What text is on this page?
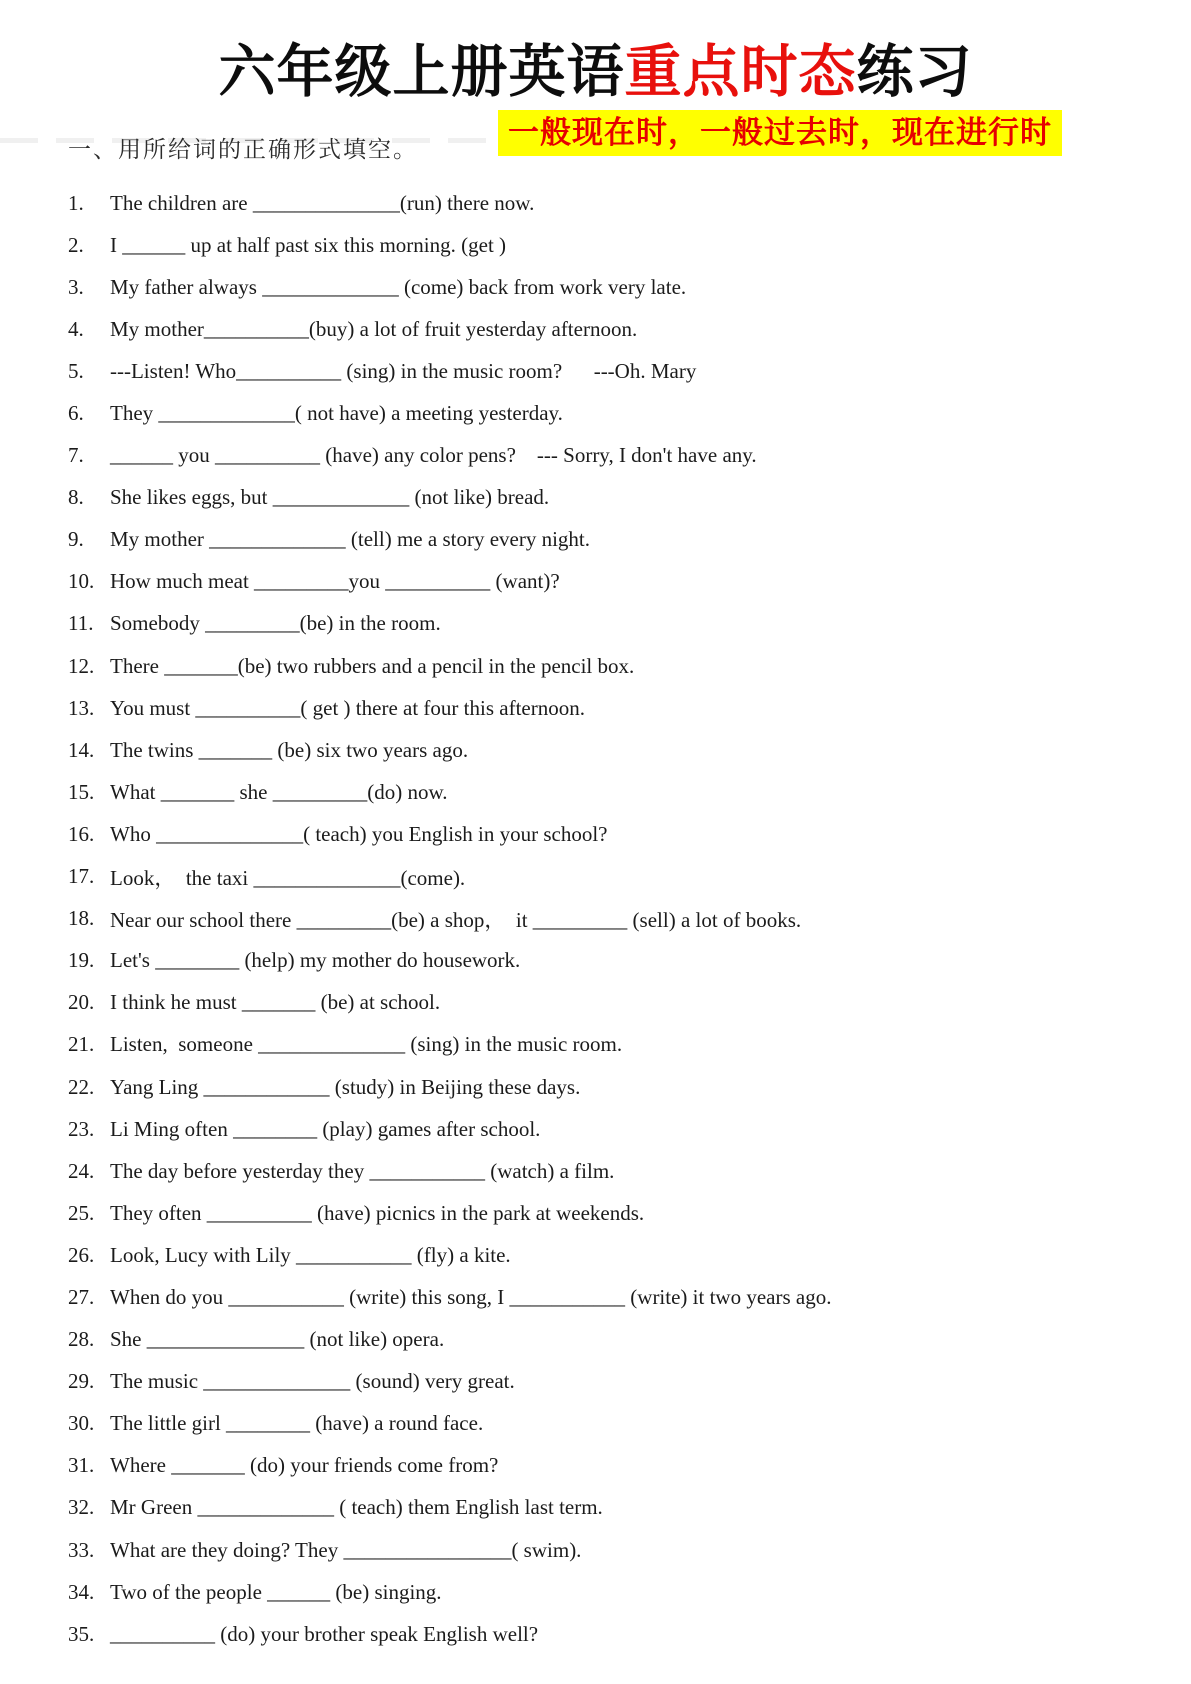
六年级上册英语重点时态练习
一般现在时，一般过去时，现在进行时
一、用所给词的正确形式填空。
1.	The children are ______________(run) there now.
2.	I ______ up at half past six this morning. (get )
3.	My father always _____________ (come) back from work very late.
4.	My mother__________(buy) a lot of fruit yesterday afternoon.
5.	---Listen! Who__________ (sing) in the music room?      ---Oh. Mary
6.	They _____________( not have) a meeting yesterday.
7.	______ you __________ (have) any color pens?    --- Sorry, I don't have any.
8.	She likes eggs, but _____________ (not like) bread.
9.	My mother _____________ (tell) me a story every night.
10. How much meat _________you __________ (want)?
11. Somebody _________(be) in the room.
12. There _______(be) two rubbers and a pencil in the pencil box.
13. You must __________( get ) there at four this afternoon.
14. The twins _______ (be) six two years ago.
15. What _______ she _________(do) now.
16. Who ______________( teach) you English in your school?
17. Look，  the taxi ______________(come).
18. Near our school there _________(be) a shop，  it _________ (sell) a lot of books.
19. Let's ________ (help) my mother do housework.
20. I think he must _______ (be) at school.
21. Listen,  someone ______________ (sing) in the music room.
22. Yang Ling ____________ (study) in Beijing these days.
23. Li Ming often ________ (play) games after school.
24. The day before yesterday they ___________ (watch) a film.
25. They often __________ (have) picnics in the park at weekends.
26. Look, Lucy with Lily ___________ (fly) a kite.
27. When do you ___________ (write) this song, I ___________ (write) it two years ago.
28. She _______________ (not like) opera.
29. The music ______________ (sound) very great.
30. The little girl ________ (have) a round face.
31. Where _______ (do) your friends come from?
32. Mr Green _____________ ( teach) them English last term.
33. What are they doing? They ________________( swim).
34. Two of the people ______ (be) singing.
35. __________ (do) your brother speak English well?
